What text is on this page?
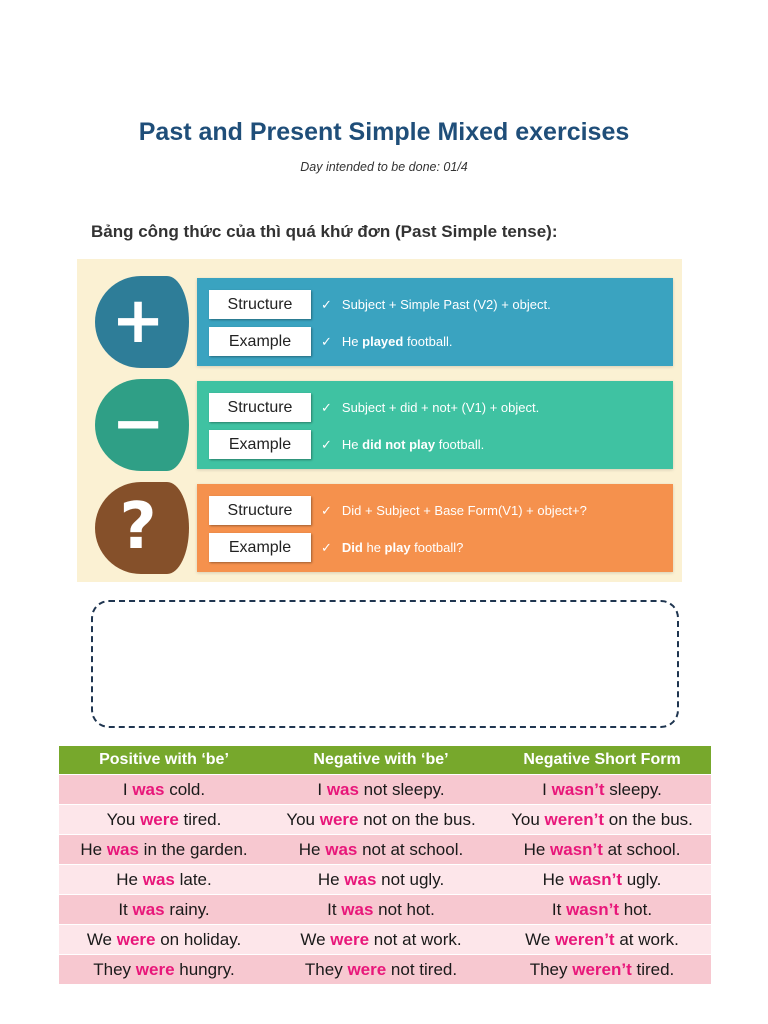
Past and Present Simple Mixed exercises
Day intended to be done: 01/4
Bảng công thức của thì quá khứ đơn (Past Simple tense):
+	Structure	✓ Subject + Simple Past (V2) + object.
Example	✓ He played football.
−	Structure	✓ Subject + did + not+ (V1) + object.
Example	✓ He did not play football.
?	Structure	✓ Did + Subject + Base Form(V1) + object+?
Example	✓ Did he play football?
Positive with ‘be’	Negative with ‘be’	Negative Short Form
I was cold.	I was not sleepy.	I wasn’t sleepy.
You were tired.	You were not on the bus.	You weren’t on the bus.
He was in the garden.	He was not at school.	He wasn’t at school.
He was late.	He was not ugly.	He wasn’t ugly.
It was rainy.	It was not hot.	It wasn’t hot.
We were on holiday.	We were not at work.	We weren’t at work.
They were hungry.	They were not tired.	They weren’t tired.
